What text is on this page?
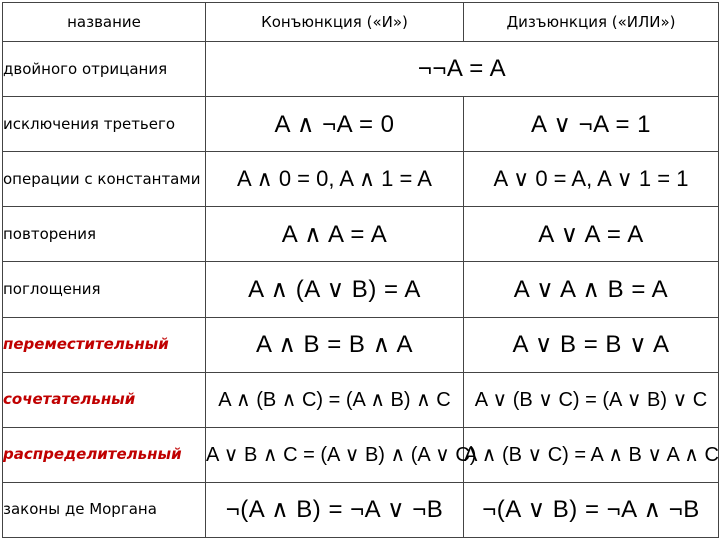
название	Конъюнкция («И»)	Дизъюнкция («ИЛИ»)
двойного отрицания	¬¬A = A	
исключения третьего	A ∧ ¬A = 0	A ∨ ¬A = 1
операции с константами	A ∧ 0 = 0, A ∧ 1 = A	A ∨ 0 = A, A ∨ 1 = 1
повторения	A ∧ A = A	A ∨ A = A
поглощения	A ∧ (A ∨ B) = A	A ∨ A ∧ B = A
переместительный	A ∧ B = B ∧ A	A ∨ B = B ∨ A
сочетательный	A ∧ (B ∧ C) = (A ∧ B) ∧ C	A ∨ (B ∨ C) = (A ∨ B) ∨ C
распределительный	A ∨ B ∧ C = (A ∨ B) ∧ (A ∨ C)	A ∧ (B ∨ C) = A ∧ B ∨ A ∧ C
законы де Моргана	¬(A ∧ B) = ¬A ∨ ¬B	¬(A ∨ B) = ¬A ∧ ¬B
